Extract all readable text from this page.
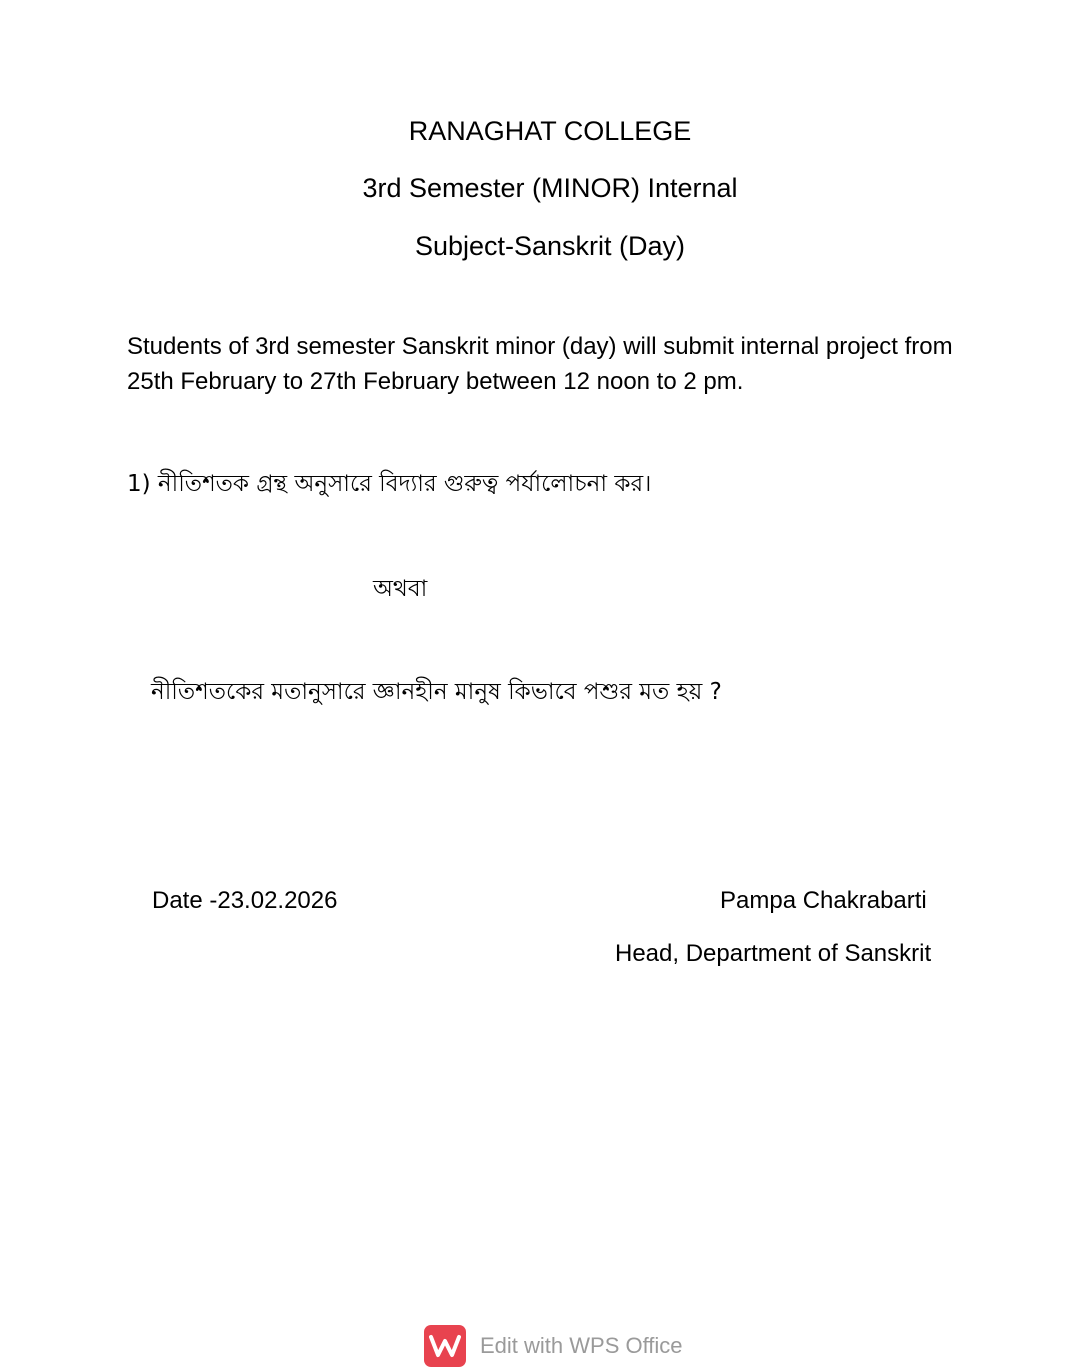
RANAGHAT COLLEGE
3rd Semester (MINOR) Internal
Subject-Sanskrit (Day)
Students of 3rd semester Sanskrit minor (day) will submit internal project from 25th February to 27th February between 12 noon to 2 pm.
1) নীতিশতক গ্রন্থ অনুসারে বিদ্যার গুরুত্ব পর্যালোচনা কর।
অথবা
নীতিশতকের মতানুসারে জ্ঞানহীন মানুষ কিভাবে পশুর মত হয় ?
Date -23.02.2026	Pampa Chakrabarti
Head, Department of Sanskrit
Edit with WPS Office
